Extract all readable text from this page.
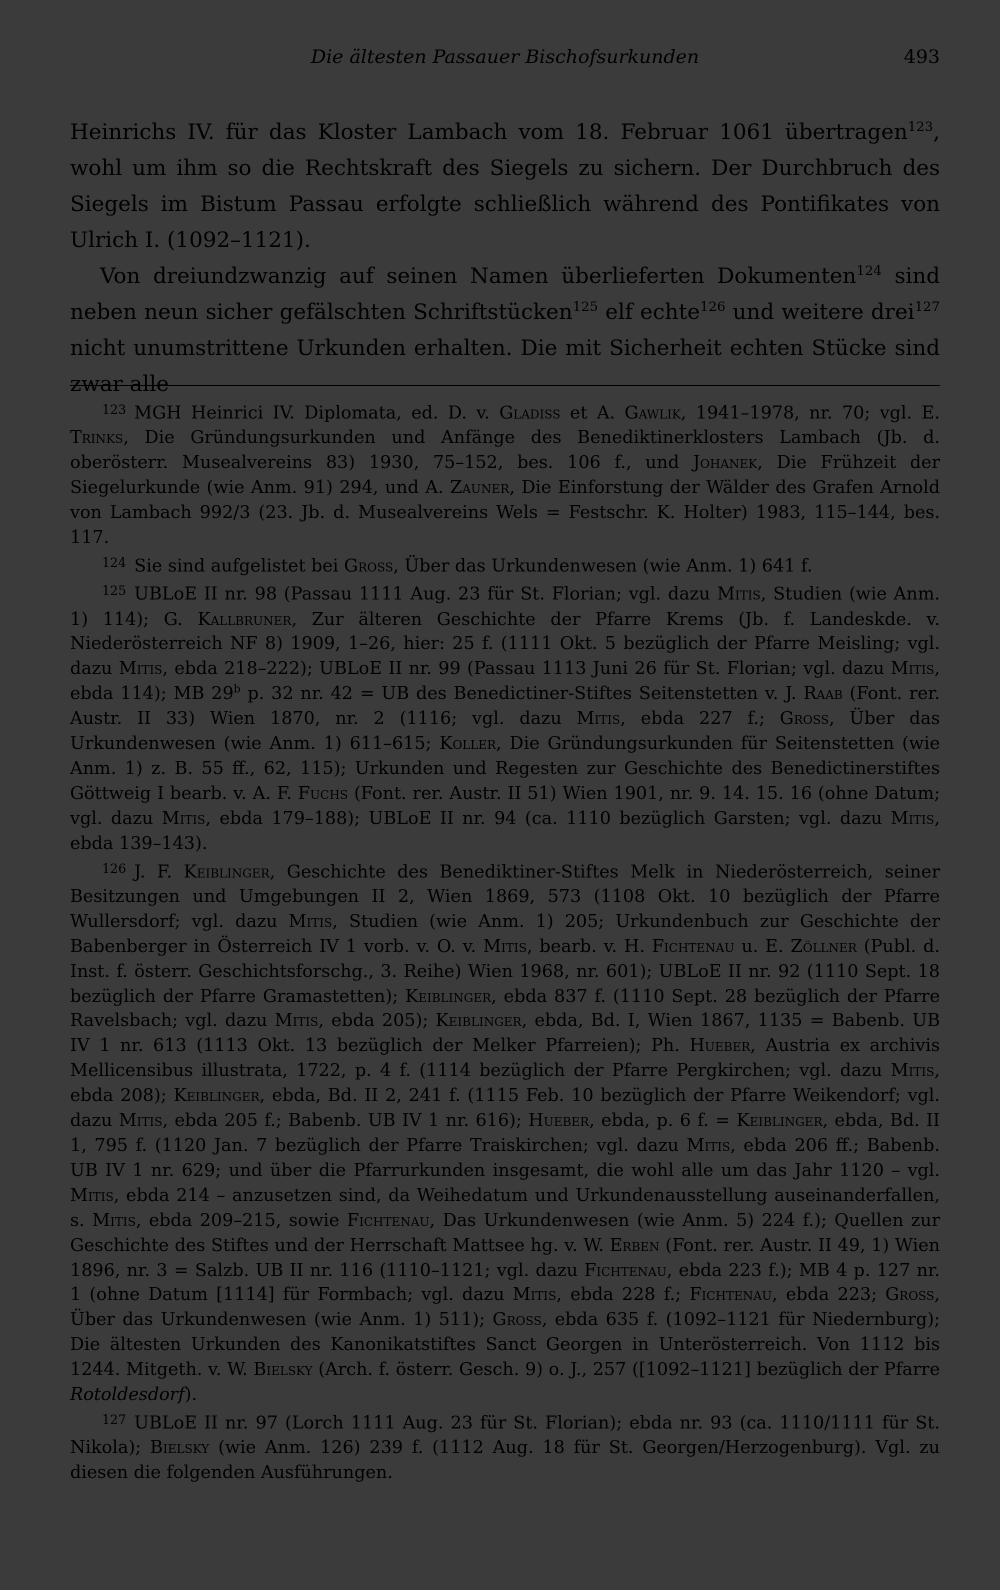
Die ältesten Passauer Bischofsurkunden	493

Heinrichs IV. für das Kloster Lambach vom 18. Februar 1061 übertragen$^{123}$, wohl um ihm so die Rechtskraft des Siegels zu sichern. Der Durchbruch des Siegels im Bistum Passau erfolgte schließlich während des Pontifikates von Ulrich I. (1092–1121).

Von dreiundzwanzig auf seinen Namen überlieferten Dokumenten$^{124}$ sind neben neun sicher gefälschten Schriftstücken$^{125}$ elf echte$^{126}$ und weitere drei$^{127}$ nicht unumstrittene Urkunden erhalten. Die mit Sicherheit echten Stücke sind zwar alle

$^{123}$ MGH Heinrici IV. Diplomata, ed. D. v. Gladiss et A. Gawlik, 1941–1978, nr. 70; vgl. E. Trinks, Die Gründungsurkunden und Anfänge des Benediktinerklosters Lambach (Jb. d. oberösterr. Musealvereins 83) 1930, 75–152, bes. 106 f., und Johanek, Die Frühzeit der Siegelurkunde (wie Anm. 91) 294, und A. Zauner, Die Einforstung der Wälder des Grafen Arnold von Lambach 992/3 (23. Jb. d. Musealvereins Wels = Festschr. K. Holter) 1983, 115–144, bes. 117.

$^{124}$ Sie sind aufgelistet bei Gross, Über das Urkundenwesen (wie Anm. 1) 641 f.

$^{125}$ UBLoE II nr. 98 (Passau 1111 Aug. 23 für St. Florian; vgl. dazu Mitis, Studien (wie Anm. 1) 114); G. Kallbruner, Zur älteren Geschichte der Pfarre Krems (Jb. f. Landeskde. v. Niederösterreich NF 8) 1909, 1–26, hier: 25 f. (1111 Okt. 5 bezüglich der Pfarre Meisling; vgl. dazu Mitis, ebda 218–222); UBLoE II nr. 99 (Passau 1113 Juni 26 für St. Florian; vgl. dazu Mitis, ebda 114); MB 29$^b$ p. 32 nr. 42 = UB des Benedictiner-Stiftes Seitenstetten v. J. Raab (Font. rer. Austr. II 33) Wien 1870, nr. 2 (1116; vgl. dazu Mitis, ebda 227 f.; Gross, Über das Urkundenwesen (wie Anm. 1) 611–615; Koller, Die Gründungsurkunden für Seitenstetten (wie Anm. 1) z. B. 55 ff., 62, 115); Urkunden und Regesten zur Geschichte des Benedictinerstiftes Göttweig I bearb. v. A. F. Fuchs (Font. rer. Austr. II 51) Wien 1901, nr. 9. 14. 15. 16 (ohne Datum; vgl. dazu Mitis, ebda 179–188); UBLoE II nr. 94 (ca. 1110 bezüglich Garsten; vgl. dazu Mitis, ebda 139–143).

$^{126}$ J. F. Keiblinger, Geschichte des Benediktiner-Stiftes Melk in Niederösterreich, seiner Besitzungen und Umgebungen II 2, Wien 1869, 573 (1108 Okt. 10 bezüglich der Pfarre Wullersdorf; vgl. dazu Mitis, Studien (wie Anm. 1) 205; Urkundenbuch zur Geschichte der Babenberger in Österreich IV 1 vorb. v. O. v. Mitis, bearb. v. H. Fichtenau u. E. Zöllner (Publ. d. Inst. f. österr. Geschichtsforschg., 3. Reihe) Wien 1968, nr. 601); UBLoE II nr. 92 (1110 Sept. 18 bezüglich der Pfarre Gramastetten); Keiblinger, ebda 837 f. (1110 Sept. 28 bezüglich der Pfarre Ravelsbach; vgl. dazu Mitis, ebda 205); Keiblinger, ebda, Bd. I, Wien 1867, 1135 = Babenb. UB IV 1 nr. 613 (1113 Okt. 13 bezüglich der Melker Pfarreien); Ph. Hueber, Austria ex archivis Mellicensibus illustrata, 1722, p. 4 f. (1114 bezüglich der Pfarre Pergkirchen; vgl. dazu Mitis, ebda 208); Keiblinger, ebda, Bd. II 2, 241 f. (1115 Feb. 10 bezüglich der Pfarre Weikendorf; vgl. dazu Mitis, ebda 205 f.; Babenb. UB IV 1 nr. 616); Hueber, ebda, p. 6 f. = Keiblinger, ebda, Bd. II 1, 795 f. (1120 Jan. 7 bezüglich der Pfarre Traiskirchen; vgl. dazu Mitis, ebda 206 ff.; Babenb. UB IV 1 nr. 629; und über die Pfarrurkunden insgesamt, die wohl alle um das Jahr 1120 – vgl. Mitis, ebda 214 – anzusetzen sind, da Weihedatum und Urkundenausstellung auseinanderfallen, s. Mitis, ebda 209–215, sowie Fichtenau, Das Urkundenwesen (wie Anm. 5) 224 f.); Quellen zur Geschichte des Stiftes und der Herrschaft Mattsee hg. v. W. Erben (Font. rer. Austr. II 49, 1) Wien 1896, nr. 3 = Salzb. UB II nr. 116 (1110–1121; vgl. dazu Fichtenau, ebda 223 f.); MB 4 p. 127 nr. 1 (ohne Datum [1114] für Formbach; vgl. dazu Mitis, ebda 228 f.; Fichtenau, ebda 223; Gross, Über das Urkundenwesen (wie Anm. 1) 511); Gross, ebda 635 f. (1092–1121 für Niedernburg); Die ältesten Urkunden des Kanonikatstiftes Sanct Georgen in Unterösterreich. Von 1112 bis 1244. Mitgeth. v. W. Bielsky (Arch. f. österr. Gesch. 9) o. J., 257 ([1092–1121] bezüglich der Pfarre Rotoldesdorf).

$^{127}$ UBLoE II nr. 97 (Lorch 1111 Aug. 23 für St. Florian); ebda nr. 93 (ca. 1110/1111 für St. Nikola); Bielsky (wie Anm. 126) 239 f. (1112 Aug. 18 für St. Georgen/Herzogenburg). Vgl. zu diesen die folgenden Ausführungen.
